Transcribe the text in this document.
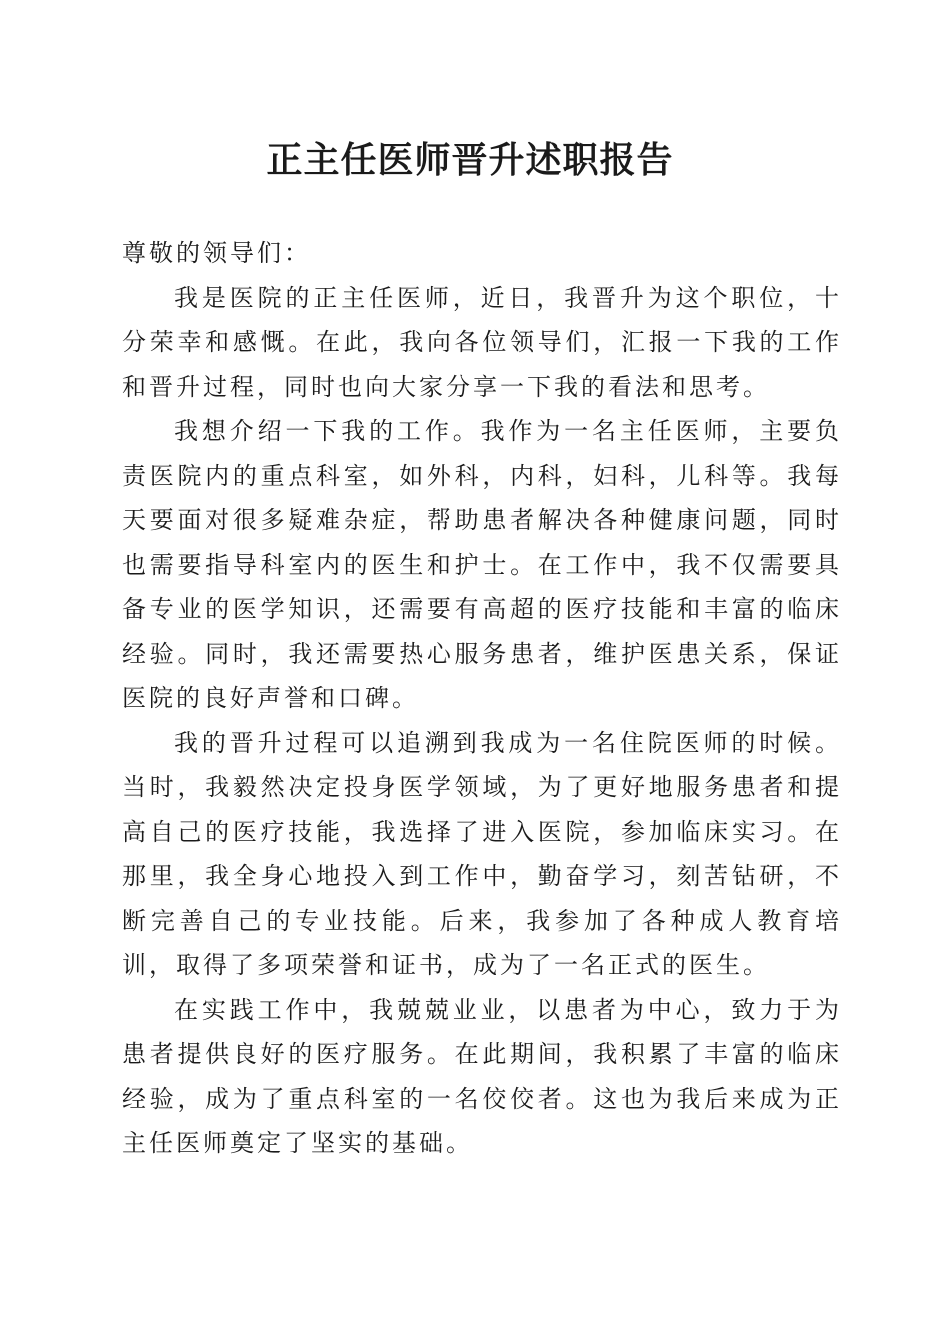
正主任医师晋升述职报告

尊敬的领导们：

我是医院的正主任医师，近日，我晋升为这个职位，十分荣幸和感慨。在此，我向各位领导们，汇报一下我的工作和晋升过程，同时也向大家分享一下我的看法和思考。

我想介绍一下我的工作。我作为一名主任医师，主要负责医院内的重点科室，如外科，内科，妇科，儿科等。我每天要面对很多疑难杂症，帮助患者解决各种健康问题，同时也需要指导科室内的医生和护士。在工作中，我不仅需要具备专业的医学知识，还需要有高超的医疗技能和丰富的临床经验。同时，我还需要热心服务患者，维护医患关系，保证医院的良好声誉和口碑。

我的晋升过程可以追溯到我成为一名住院医师的时候。当时，我毅然决定投身医学领域，为了更好地服务患者和提高自己的医疗技能，我选择了进入医院，参加临床实习。在那里，我全身心地投入到工作中，勤奋学习，刻苦钻研，不断完善自己的专业技能。后来，我参加了各种成人教育培训，取得了多项荣誉和证书，成为了一名正式的医生。

在实践工作中，我兢兢业业，以患者为中心，致力于为患者提供良好的医疗服务。在此期间，我积累了丰富的临床经验，成为了重点科室的一名佼佼者。这也为我后来成为正主任医师奠定了坚实的基础。
